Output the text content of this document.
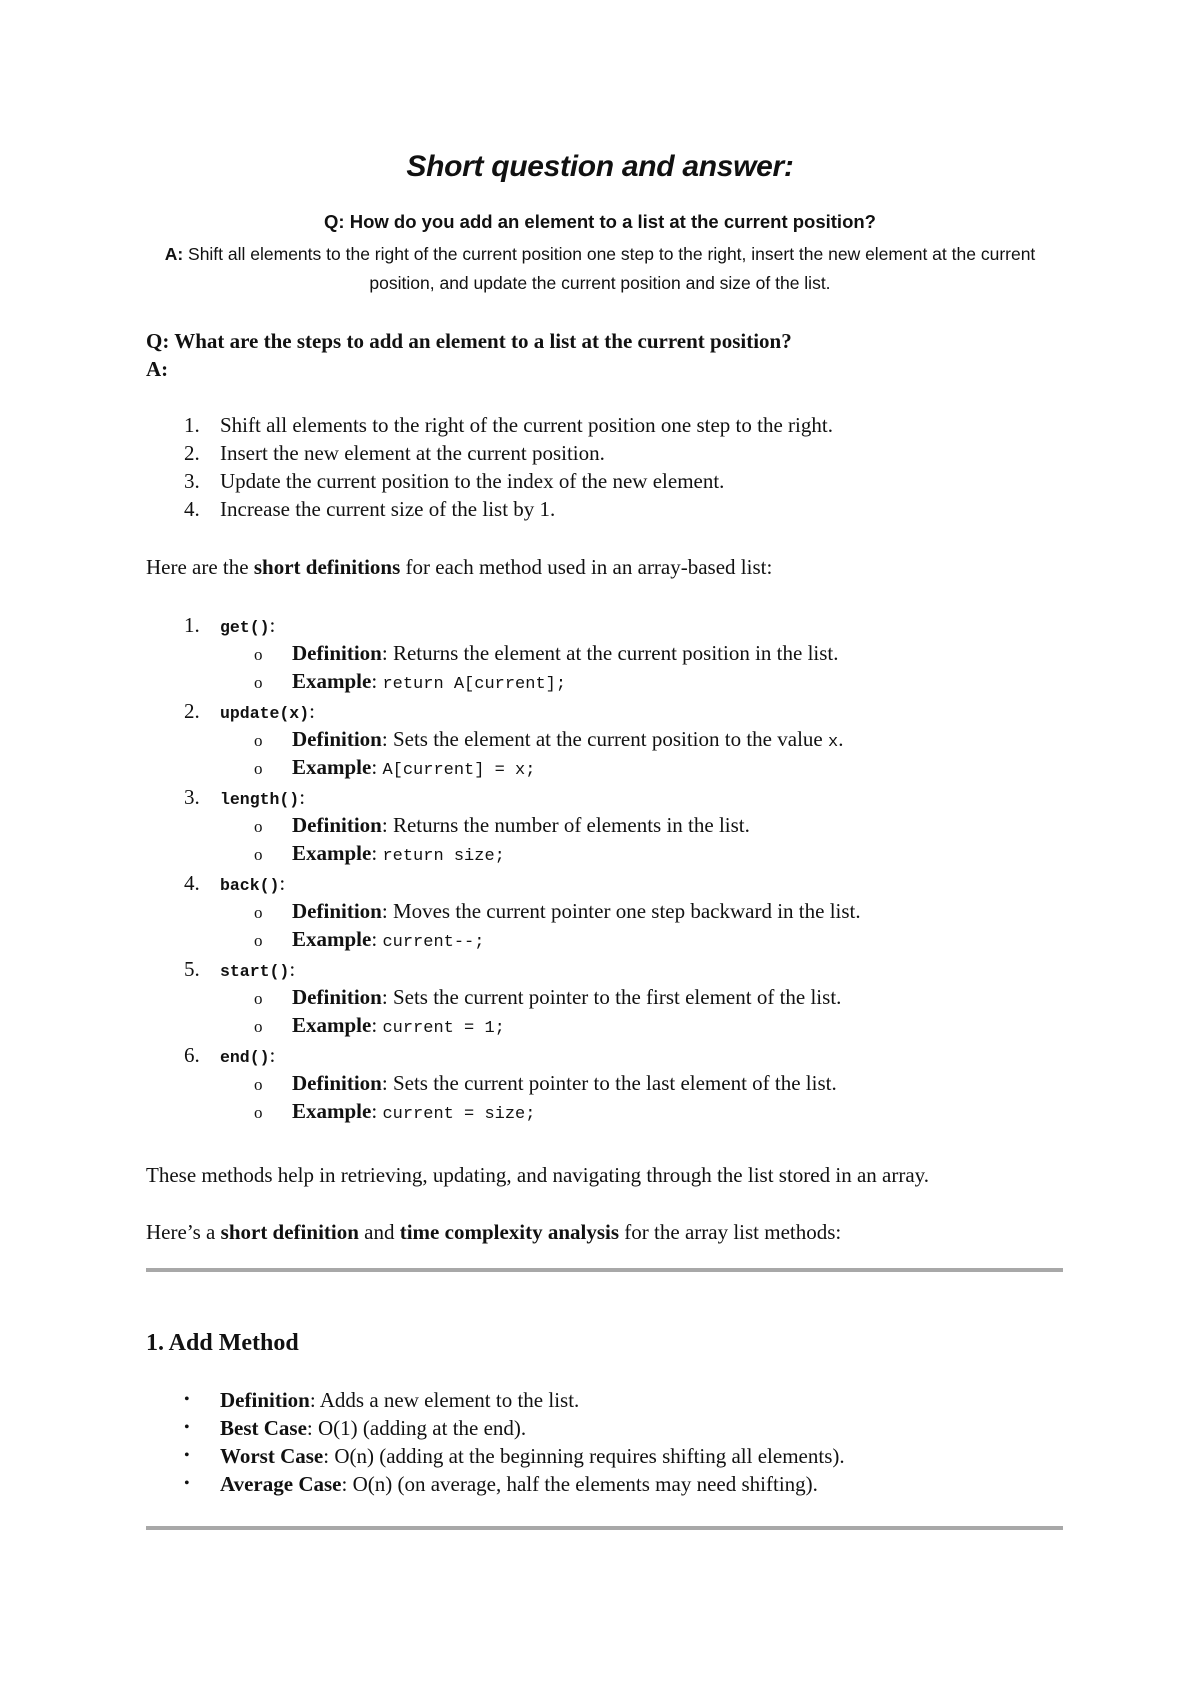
Short question and answer:
Q: How do you add an element to a list at the current position?
A: Shift all elements to the right of the current position one step to the right, insert the new element at the current position, and update the current position and size of the list.
Q: What are the steps to add an element to a list at the current position?
A:
1. Shift all elements to the right of the current position one step to the right.
2. Insert the new element at the current position.
3. Update the current position to the index of the new element.
4. Increase the current size of the list by 1.
Here are the short definitions for each method used in an array-based list:
1. get():
o Definition: Returns the element at the current position in the list.
o Example: return A[current];
2. update(x):
o Definition: Sets the element at the current position to the value x.
o Example: A[current] = x;
3. length():
o Definition: Returns the number of elements in the list.
o Example: return size;
4. back():
o Definition: Moves the current pointer one step backward in the list.
o Example: current--;
5. start():
o Definition: Sets the current pointer to the first element of the list.
o Example: current = 1;
6. end():
o Definition: Sets the current pointer to the last element of the list.
o Example: current = size;
These methods help in retrieving, updating, and navigating through the list stored in an array.
Here’s a short definition and time complexity analysis for the array list methods:
1. Add Method
• Definition: Adds a new element to the list.
• Best Case: O(1) (adding at the end).
• Worst Case: O(n) (adding at the beginning requires shifting all elements).
• Average Case: O(n) (on average, half the elements may need shifting).
